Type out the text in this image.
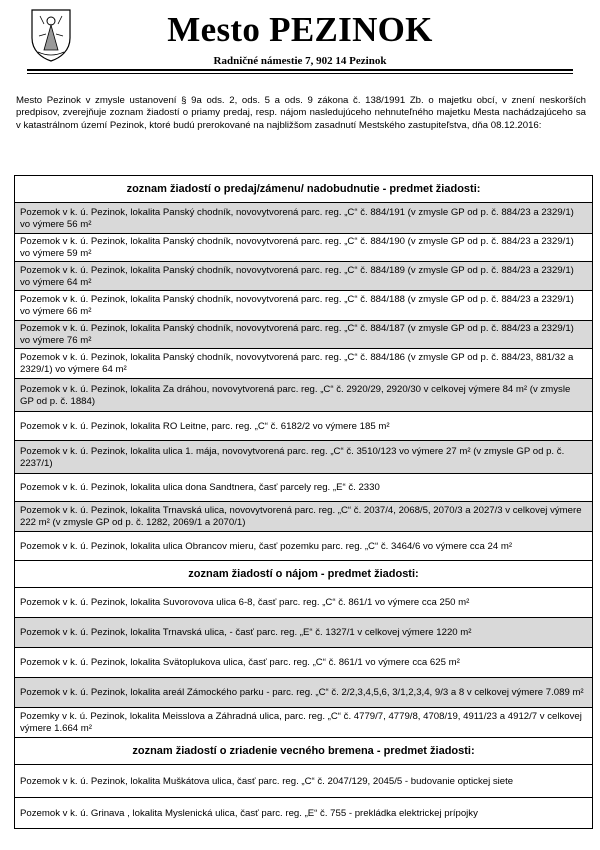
Mesto PEZINOK
Radničné námestie 7, 902 14 Pezinok
Mesto Pezinok v zmysle ustanovení § 9a ods. 2, ods. 5 a ods. 9 zákona č. 138/1991 Zb. o majetku obcí, v znení neskorších predpisov, zverejňuje zoznam žiadostí o priamy predaj, resp. nájom nasledujúceho nehnuteľného majetku Mesta nachádzajúceho sa v katastrálnom území Pezinok, ktoré budú prerokované na najbližšom zasadnutí Mestského zastupiteľstva, dňa 08.12.2016:
zoznam žiadostí o predaj/zámenu/ nadobudnutie - predmet žiadosti:
Pozemok v k. ú. Pezinok, lokalita Panský chodník, novovytvorená parc. reg. „C“ č. 884/191 (v zmysle GP od p. č. 884/23 a 2329/1) vo výmere 56 m²
Pozemok v k. ú. Pezinok, lokalita Panský chodník, novovytvorená parc. reg. „C“ č. 884/190 (v zmysle GP od p. č. 884/23 a 2329/1) vo výmere 59 m²
Pozemok v k. ú. Pezinok, lokalita Panský chodník, novovytvorená parc. reg. „C“ č. 884/189 (v zmysle GP od p. č. 884/23 a 2329/1) vo výmere 64 m²
Pozemok v k. ú. Pezinok, lokalita Panský chodník, novovytvorená parc. reg. „C“ č. 884/188 (v zmysle GP od p. č. 884/23 a 2329/1) vo výmere 66 m²
Pozemok v k. ú. Pezinok, lokalita Panský chodník, novovytvorená parc. reg. „C“ č. 884/187 (v zmysle GP od p. č. 884/23 a 2329/1) vo výmere 76 m²
Pozemok v k. ú. Pezinok, lokalita Panský chodník, novovytvorená parc. reg. „C“ č. 884/186 (v zmysle GP od p. č. 884/23, 881/32 a 2329/1) vo výmere 64 m²
Pozemok v k. ú. Pezinok, lokalita Za dráhou, novovytvorená parc. reg. „C“ č. 2920/29, 2920/30 v celkovej výmere 84 m² (v zmysle GP od p. č. 1884)
Pozemok v k. ú. Pezinok, lokalita RO Leitne, parc. reg. „C“ č. 6182/2 vo výmere 185 m²
Pozemok v k. ú. Pezinok, lokalita ulica 1. mája, novovytvorená parc. reg. „C“ č. 3510/123 vo výmere 27 m² (v zmysle GP od p. č. 2237/1)
Pozemok v k. ú. Pezinok, lokalita ulica dona Sandtnera, časť parcely reg. „E“ č. 2330
Pozemok v k. ú. Pezinok, lokalita Trnavská ulica, novovytvorená parc. reg. „C“ č. 2037/4, 2068/5, 2070/3 a 2027/3 v celkovej výmere 222 m² (v zmysle GP od p. č. 1282, 2069/1 a 2070/1)
Pozemok v k. ú. Pezinok, lokalita ulica Obrancov mieru, časť pozemku parc. reg. „C“ č. 3464/6 vo výmere cca 24 m²
zoznam žiadostí o nájom - predmet žiadosti:
Pozemok v k. ú. Pezinok, lokalita Suvorovova ulica 6-8, časť parc. reg. „C“ č. 861/1 vo výmere cca 250 m²
Pozemok v k. ú. Pezinok, lokalita Trnavská ulica, - časť parc. reg. „E“ č. 1327/1 v celkovej výmere 1220 m²
Pozemok v k. ú. Pezinok, lokalita Svätoplukova ulica, časť parc. reg. „C“ č. 861/1 vo výmere cca 625 m²
Pozemok v k. ú. Pezinok, lokalita areál Zámockého parku - parc. reg. „C“ č. 2/2,3,4,5,6, 3/1,2,3,4, 9/3 a 8 v celkovej výmere 7.089 m²
Pozemky v k. ú. Pezinok, lokalita Meisslova a Záhradná ulica, parc. reg. „C“ č. 4779/7, 4779/8, 4708/19, 4911/23 a 4912/7 v celkovej výmere 1.664 m²
zoznam žiadostí o zriadenie vecného bremena - predmet žiadosti:
Pozemok v k. ú. Pezinok, lokalita Muškátova ulica, časť parc. reg. „C“ č. 2047/129, 2045/5 - budovanie optickej siete
Pozemok v k. ú. Grinava , lokalita Myslenická ulica, časť parc. reg. „E“ č. 755 - prekládka elektrickej prípojky
